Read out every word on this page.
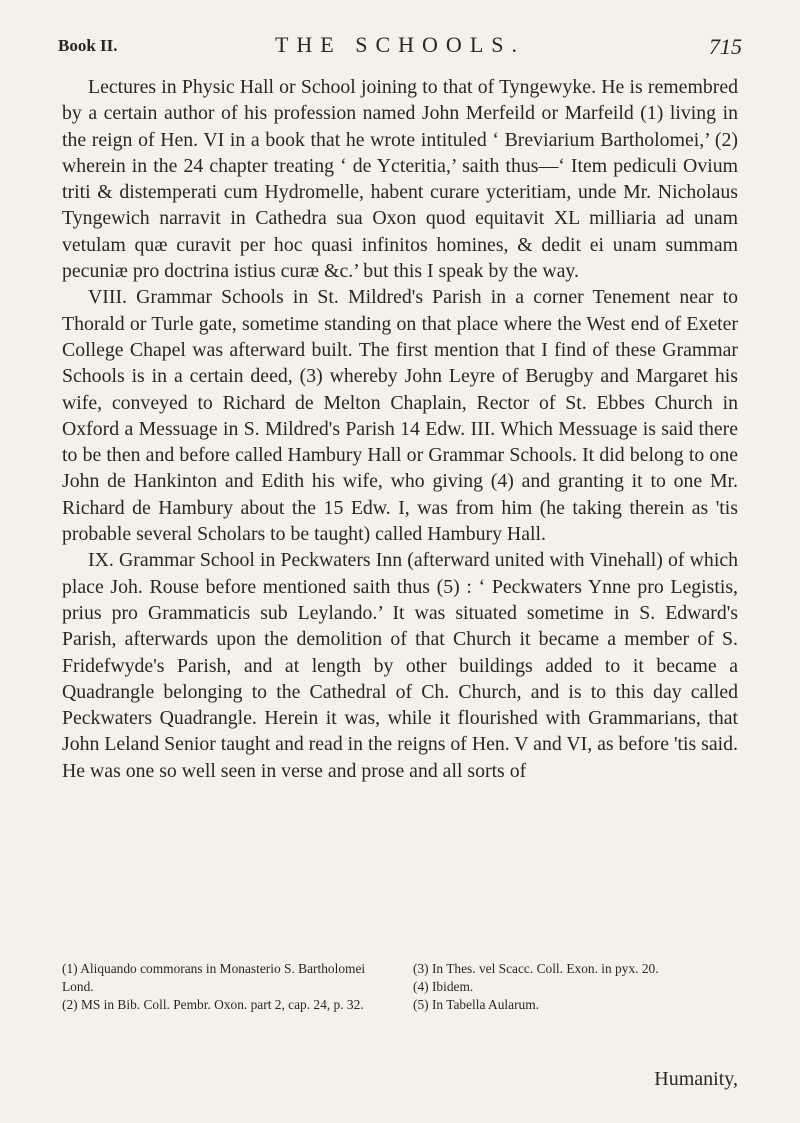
Book II.	THE SCHOOLS.	715

Lectures in Physic Hall or School joining to that of Tyngewyke. He is remembred by a certain author of his profession named John Merfeild or Marfeild (1) living in the reign of Hen. VI in a book that he wrote intituled ‘ Breviarium Bartholomei,’ (2) wherein in the 24 chapter treating ‘ de Ycteritia,’ saith thus—‘ Item pediculi Ovium triti & distemperati cum Hydromelle, habent curare ycteritiam, unde Mr. Nicholaus Tyngewich narravit in Cathedra sua Oxon quod equitavit XL milliaria ad unam vetulam quæ curavit per hoc quasi infinitos homines, & dedit ei unam summam pecuniæ pro doctrina istius curæ &c.’ but this I speak by the way.

VIII. Grammar Schools in St. Mildred's Parish in a corner Tenement near to Thorald or Turle gate, sometime standing on that place where the West end of Exeter College Chapel was afterward built. The first mention that I find of these Grammar Schools is in a certain deed, (3) whereby John Leyre of Berugby and Margaret his wife, conveyed to Richard de Melton Chaplain, Rector of St. Ebbes Church in Oxford a Messuage in S. Mildred's Parish 14 Edw. III. Which Messuage is said there to be then and before called Hambury Hall or Grammar Schools. It did belong to one John de Hankinton and Edith his wife, who giving (4) and granting it to one Mr. Richard de Hambury about the 15 Edw. I, was from him (he taking therein as 'tis probable several Scholars to be taught) called Hambury Hall.

IX. Grammar School in Peckwaters Inn (afterward united with Vinehall) of which place Joh. Rouse before mentioned saith thus (5) : ‘ Peckwaters Ynne pro Legistis, prius pro Grammaticis sub Leylando.’ It was situated sometime in S. Edward's Parish, afterwards upon the demolition of that Church it became a member of S. Fridefwyde's Parish, and at length by other buildings added to it became a Quadrangle belonging to the Cathedral of Ch. Church, and is to this day called Peckwaters Quadrangle. Herein it was, while it flourished with Grammarians, that John Leland Senior taught and read in the reigns of Hen. V and VI, as before 'tis said. He was one so well seen in verse and prose and all sorts of

(1) Aliquando commorans in Monasterio S. Bartholomei Lond.
(2) MS in Bib. Coll. Pembr. Oxon. part 2, cap. 24, p. 32.
(3) In Thes. vel Scacc. Coll. Exon. in pyx. 20.
(4) Ibidem.
(5) In Tabella Aularum.
Humanity,
